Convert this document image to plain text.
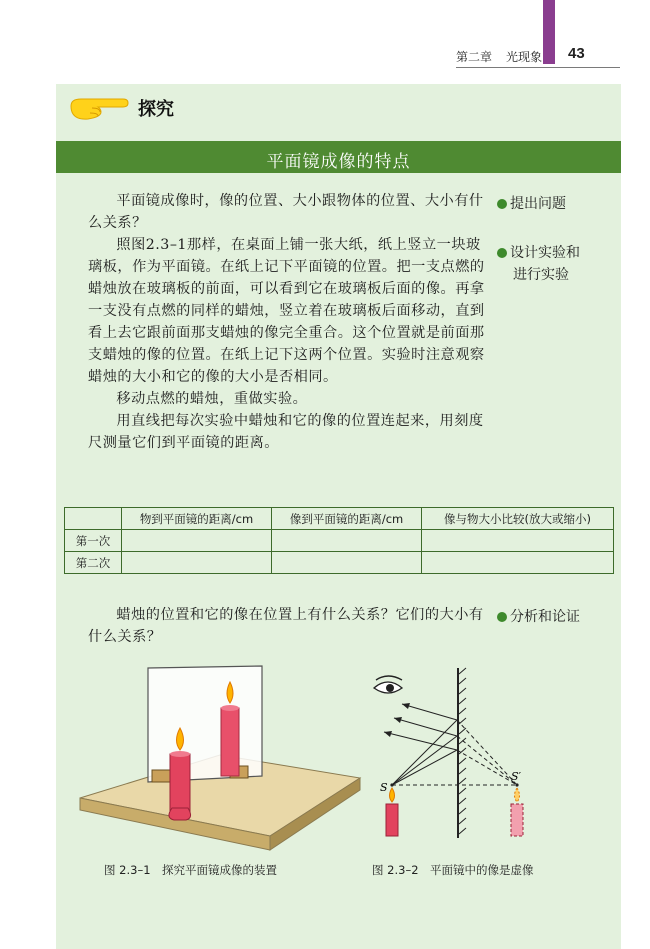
第二章 光现象 43
探究
平面镜成像的特点

平面镜成像时，像的位置、大小跟物体的位置、大小有什么关系？

照图2.3–1那样，在桌面上铺一张大纸，纸上竖立一块玻璃板，作为平面镜。在纸上记下平面镜的位置。把一支点燃的蜡烛放在玻璃板的前面，可以看到它在玻璃板后面的像。再拿一支没有点燃的同样的蜡烛，竖立着在玻璃板后面移动，直到看上去它跟前面那支蜡烛的像完全重合。这个位置就是前面那支蜡烛的像的位置。在纸上记下这两个位置。实验时注意观察蜡烛的大小和它的像的大小是否相同。

移动点燃的蜡烛，重做实验。

用直线把每次实验中蜡烛和它的像的位置连起来，用刻度尺测量它们到平面镜的距离。

提出问题
设计实验和
进行实验
	物到平面镜的距离/cm	像到平面镜的距离/cm	像与物大小比较(放大或缩小)
第一次			
第二次			

蜡烛的位置和它的像在位置上有什么关系？它们的大小有什么关系？

分析和论证
S
S′
图 2.3–1　探究平面镜成像的装置	图 2.3–2　平面镜中的像是虚像
